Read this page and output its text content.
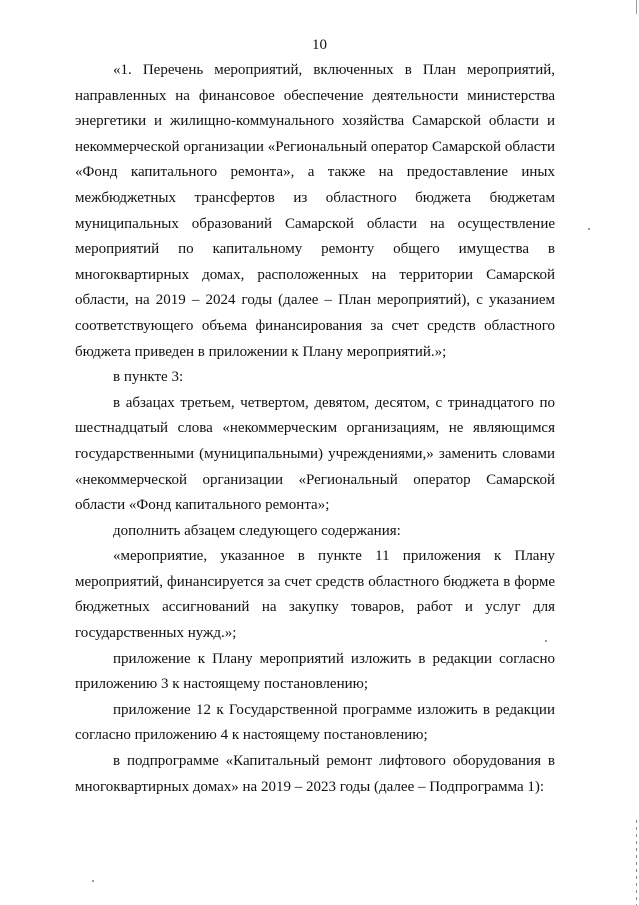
10

«1. Перечень мероприятий, включенных в План мероприятий, направленных на финансовое обеспечение деятельности министерства энергетики и жилищно-коммунального хозяйства Самарской области и некоммерческой организации «Региональный оператор Самарской области «Фонд капитального ремонта», а также на предоставление иных межбюджетных трансфертов из областного бюджета бюджетам муниципальных образований Самарской области на осуществление мероприятий по капитальному ремонту общего имущества в многоквартирных домах, расположенных на территории Самарской области, на 2019 – 2024 годы (далее – План мероприятий), с указанием соответствующего объема финансирования за счет средств областного бюджета приведен в приложении к Плану мероприятий.»;

в пункте 3:

в абзацах третьем, четвертом, девятом, десятом, с тринадцатого по шестнадцатый слова «некоммерческим организациям, не являющимся государственными (муниципальными) учреждениями,» заменить словами «некоммерческой организации «Региональный оператор Самарской области «Фонд капитального ремонта»;

дополнить абзацем следующего содержания:

«мероприятие, указанное в пункте 11 приложения к Плану мероприятий, финансируется за счет средств областного бюджета в форме бюджетных ассигнований на закупку товаров, работ и услуг для государственных нужд.»;

приложение к Плану мероприятий изложить в редакции согласно приложению 3 к настоящему постановлению;

приложение 12 к Государственной программе изложить в редакции согласно приложению 4 к настоящему постановлению;

в подпрограмме «Капитальный ремонт лифтового оборудования в многоквартирных домах» на 2019 – 2023 годы (далее – Подпрограмма 1):
